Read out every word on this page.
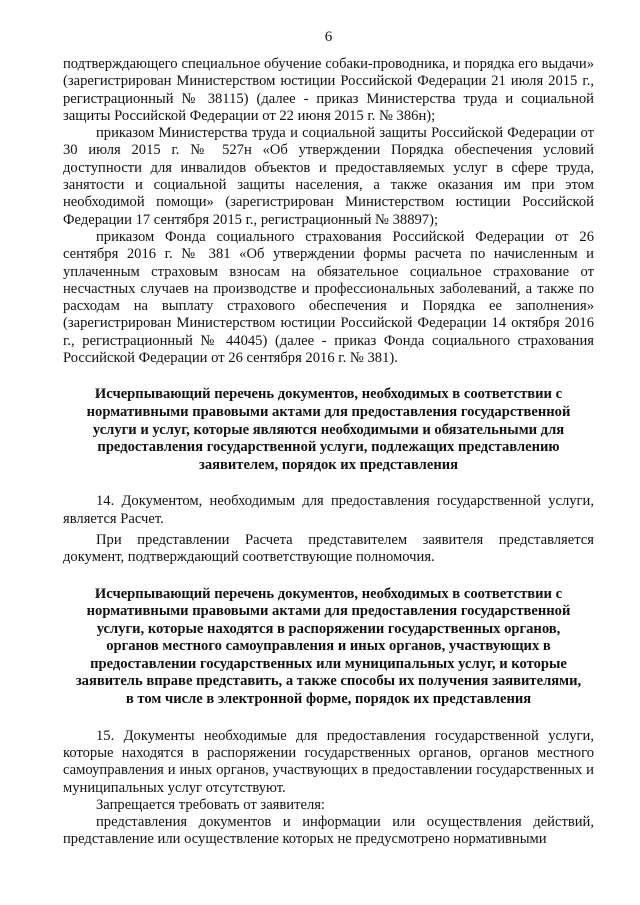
6

подтверждающего специальное обучение собаки-проводника, и порядка его выдачи» (зарегистрирован Министерством юстиции Российской Федерации 21 июля 2015 г., регистрационный № 38115) (далее - приказ Министерства труда и социальной защиты Российской Федерации от 22 июня 2015 г. № 386н);

приказом Министерства труда и социальной защиты Российской Федерации от 30 июля 2015 г. № 527н «Об утверждении Порядка обеспечения условий доступности для инвалидов объектов и предоставляемых услуг в сфере труда, занятости и социальной защиты населения, а также оказания им при этом необходимой помощи» (зарегистрирован Министерством юстиции Российской Федерации 17 сентября 2015 г., регистрационный № 38897);

приказом Фонда социального страхования Российской Федерации от 26 сентября 2016 г. № 381 «Об утверждении формы расчета по начисленным и уплаченным страховым взносам на обязательное социальное страхование от несчастных случаев на производстве и профессиональных заболеваний, а также по расходам на выплату страхового обеспечения и Порядка ее заполнения» (зарегистрирован Министерством юстиции Российской Федерации 14 октября 2016 г., регистрационный № 44045) (далее - приказ Фонда социального страхования Российской Федерации от 26 сентября 2016 г. № 381).

Исчерпывающий перечень документов, необходимых в соответствии с нормативными правовыми актами для предоставления государственной услуги и услуг, которые являются необходимыми и обязательными для предоставления государственной услуги, подлежащих представлению заявителем, порядок их представления

14. Документом, необходимым для предоставления государственной услуги, является Расчет.

При представлении Расчета представителем заявителя представляется документ, подтверждающий соответствующие полномочия.

Исчерпывающий перечень документов, необходимых в соответствии с нормативными правовыми актами для предоставления государственной услуги, которые находятся в распоряжении государственных органов, органов местного самоуправления и иных органов, участвующих в предоставлении государственных или муниципальных услуг, и которые заявитель вправе представить, а также способы их получения заявителями, в том числе в электронной форме, порядок их представления

15. Документы необходимые для предоставления государственной услуги, которые находятся в распоряжении государственных органов, органов местного самоуправления и иных органов, участвующих в предоставлении государственных и муниципальных услуг отсутствуют.

Запрещается требовать от заявителя:

представления документов и информации или осуществления действий, представление или осуществление которых не предусмотрено нормативными
